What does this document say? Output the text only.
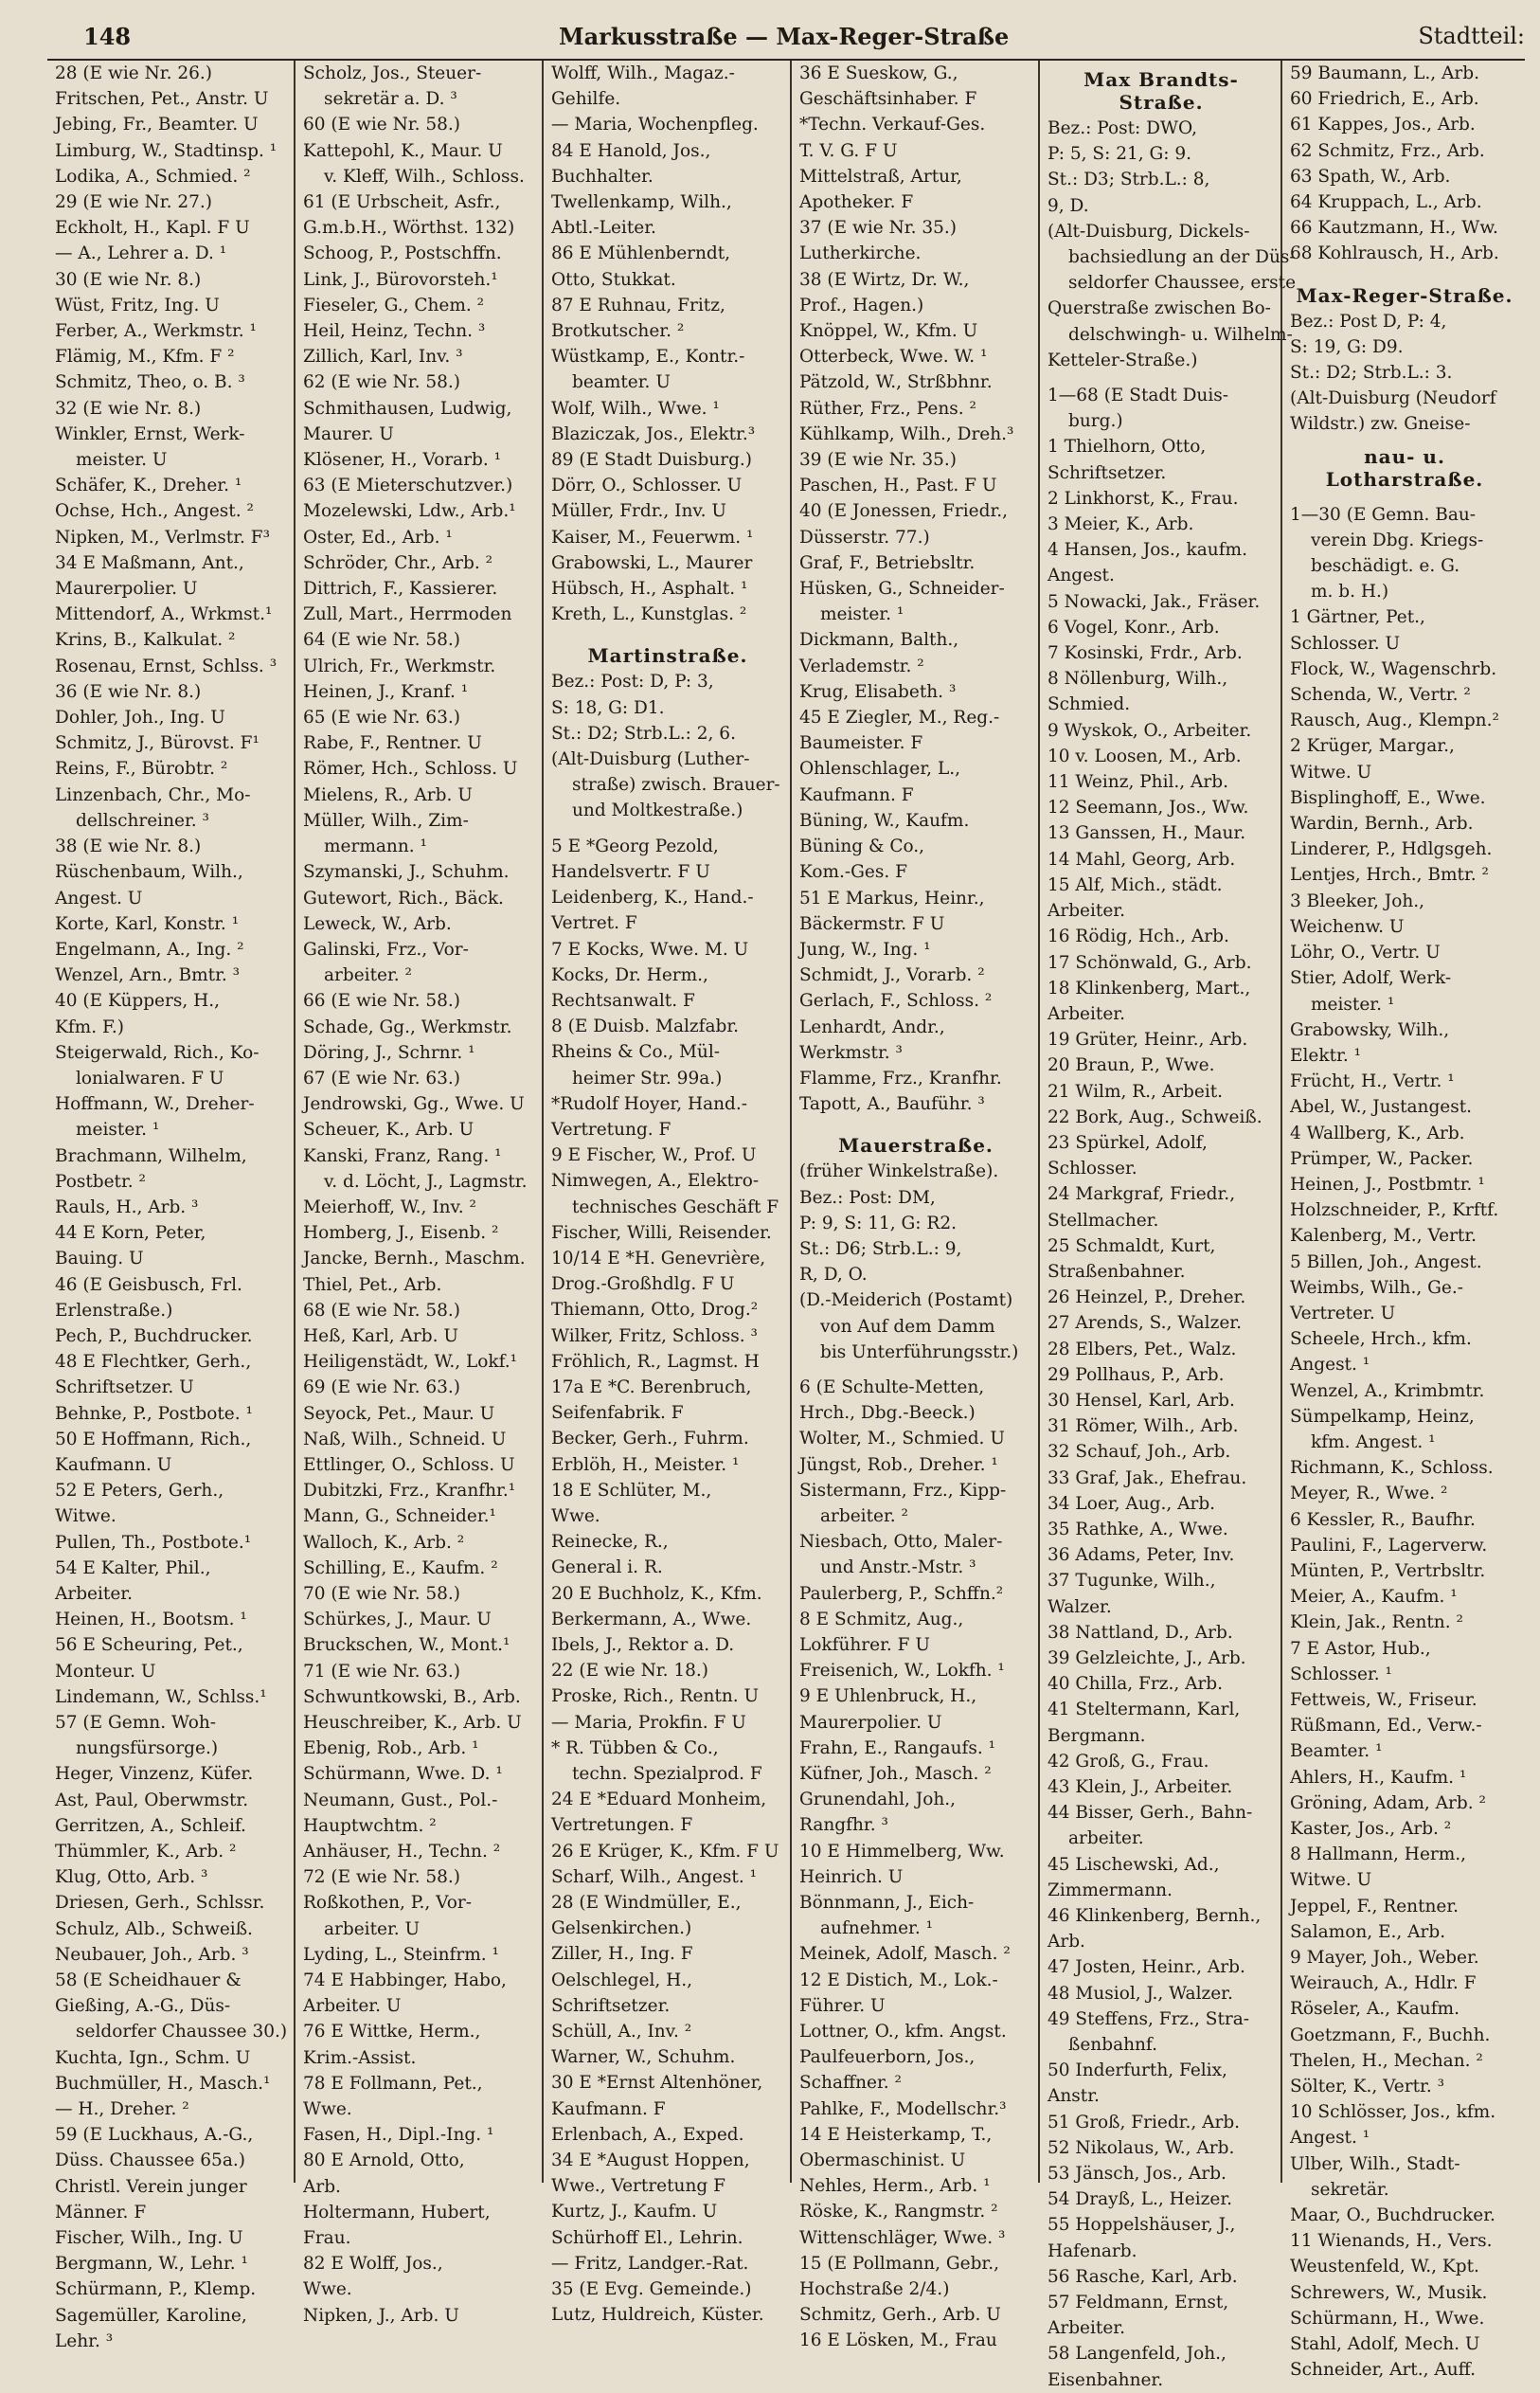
148	Markusstraße — Max-Reger-Straße	Stadtteil:
28 (E wie Nr. 26.)
Fritschen, Pet., Anstr. U
Jebing, Fr., Beamter. U
Limburg, W., Stadtinsp. ¹
Lodika, A., Schmied. ²
29 (E wie Nr. 27.)
Eckholt, H., Kapl. F U
— A., Lehrer a. D. ¹
30 (E wie Nr. 8.)
Wüst, Fritz, Ing. U
Ferber, A., Werkmstr. ¹
Flämig, M., Kfm. F ²
Schmitz, Theo, o. B. ³
32 (E wie Nr. 8.)
Winkler, Ernst, Werk-
meister. U
Schäfer, K., Dreher. ¹
Ochse, Hch., Angest. ²
Nipken, M., Verlmstr. F³
34 E Maßmann, Ant.,
Maurerpolier. U
Mittendorf, A., Wrkmst.¹
Krins, B., Kalkulat. ²
Rosenau, Ernst, Schlss. ³
36 (E wie Nr. 8.)
Dohler, Joh., Ing. U
Schmitz, J., Bürovst. F¹
Reins, F., Bürobtr. ²
Linzenbach, Chr., Mo-
dellschreiner. ³
38 (E wie Nr. 8.)
Rüschenbaum, Wilh.,
Angest. U
Korte, Karl, Konstr. ¹
Engelmann, A., Ing. ²
Wenzel, Arn., Bmtr. ³
40 (E Küppers, H.,
Kfm. F.)
Steigerwald, Rich., Ko-
lonialwaren. F U
Hoffmann, W., Dreher-
meister. ¹
Brachmann, Wilhelm,
Postbetr. ²
Rauls, H., Arb. ³
44 E Korn, Peter,
Bauing. U
46 (E Geisbusch, Frl.
Erlenstraße.)
Pech, P., Buchdrucker.
48 E Flechtker, Gerh.,
Schriftsetzer. U
Behnke, P., Postbote. ¹
50 E Hoffmann, Rich.,
Kaufmann. U
52 E Peters, Gerh.,
Witwe.
Pullen, Th., Postbote.¹
54 E Kalter, Phil.,
Arbeiter.
Heinen, H., Bootsm. ¹
56 E Scheuring, Pet.,
Monteur. U
Lindemann, W., Schlss.¹
57 (E Gemn. Woh-
nungsfürsorge.)
Heger, Vinzenz, Küfer.
Ast, Paul, Oberwmstr.
Gerritzen, A., Schleif.
Thümmler, K., Arb. ²
Klug, Otto, Arb. ³
Driesen, Gerh., Schlssr.
Schulz, Alb., Schweiß.
Neubauer, Joh., Arb. ³
58 (E Scheidhauer &
Gießing, A.-G., Düs-
seldorfer Chaussee 30.)
Kuchta, Ign., Schm. U
Buchmüller, H., Masch.¹
— H., Dreher. ²
59 (E Luckhaus, A.-G.,
Düss. Chaussee 65a.)
Christl. Verein junger
Männer. F
Fischer, Wilh., Ing. U
Bergmann, W., Lehr. ¹
Schürmann, P., Klemp.
Sagemüller, Karoline,
Lehr. ³
Scholz, Jos., Steuer-
sekretär a. D. ³
60 (E wie Nr. 58.)
Kattepohl, K., Maur. U
v. Kleff, Wilh., Schloss.
61 (E Urbscheit, Asfr.,
G.m.b.H., Wörthst. 132)
Schoog, P., Postschffn.
Link, J., Bürovorsteh.¹
Fieseler, G., Chem. ²
Heil, Heinz, Techn. ³
Zillich, Karl, Inv. ³
62 (E wie Nr. 58.)
Schmithausen, Ludwig,
Maurer. U
Klösener, H., Vorarb. ¹
63 (E Mieterschutzver.)
Mozelewski, Ldw., Arb.¹
Oster, Ed., Arb. ¹
Schröder, Chr., Arb. ²
Dittrich, F., Kassierer.
Zull, Mart., Herrmoden
64 (E wie Nr. 58.)
Ulrich, Fr., Werkmstr.
Heinen, J., Kranf. ¹
65 (E wie Nr. 63.)
Rabe, F., Rentner. U
Römer, Hch., Schloss. U
Mielens, R., Arb. U
Müller, Wilh., Zim-
mermann. ¹
Szymanski, J., Schuhm.
Gutewort, Rich., Bäck.
Leweck, W., Arb.
Galinski, Frz., Vor-
arbeiter. ²
66 (E wie Nr. 58.)
Schade, Gg., Werkmstr.
Döring, J., Schrnr. ¹
67 (E wie Nr. 63.)
Jendrowski, Gg., Wwe. U
Scheuer, K., Arb. U
Kanski, Franz, Rang. ¹
v. d. Löcht, J., Lagmstr.
Meierhoff, W., Inv. ²
Homberg, J., Eisenb. ²
Jancke, Bernh., Maschm.
Thiel, Pet., Arb.
68 (E wie Nr. 58.)
Heß, Karl, Arb. U
Heiligenstädt, W., Lokf.¹
69 (E wie Nr. 63.)
Seyock, Pet., Maur. U
Naß, Wilh., Schneid. U
Ettlinger, O., Schloss. U
Dubitzki, Frz., Kranfhr.¹
Mann, G., Schneider.¹
Walloch, K., Arb. ²
Schilling, E., Kaufm. ²
70 (E wie Nr. 58.)
Schürkes, J., Maur. U
Bruckschen, W., Mont.¹
71 (E wie Nr. 63.)
Schwuntkowski, B., Arb.
Heuschreiber, K., Arb. U
Ebenig, Rob., Arb. ¹
Schürmann, Wwe. D. ¹
Neumann, Gust., Pol.-
Hauptwchtm. ²
Anhäuser, H., Techn. ²
72 (E wie Nr. 58.)
Roßkothen, P., Vor-
arbeiter. U
Lyding, L., Steinfrm. ¹
74 E Habbinger, Habo,
Arbeiter. U
76 E Wittke, Herm.,
Krim.-Assist.
78 E Follmann, Pet.,
Wwe.
Fasen, H., Dipl.-Ing. ¹
80 E Arnold, Otto,
Arb.
Holtermann, Hubert,
Frau.
82 E Wolff, Jos.,
Wwe.
Nipken, J., Arb. U
Wolff, Wilh., Magaz.-
Gehilfe.
— Maria, Wochenpfleg.
84 E Hanold, Jos.,
Buchhalter.
Twellenkamp, Wilh.,
Abtl.-Leiter.
86 E Mühlenberndt,
Otto, Stukkat.
87 E Ruhnau, Fritz,
Brotkutscher. ²
Wüstkamp, E., Kontr.-
beamter. U
Wolf, Wilh., Wwe. ¹
Blaziczak, Jos., Elektr.³
89 (E Stadt Duisburg.)
Dörr, O., Schlosser. U
Müller, Frdr., Inv. U
Kaiser, M., Feuerwm. ¹
Grabowski, L., Maurer
Hübsch, H., Asphalt. ¹
Kreth, L., Kunstglas. ²
Martinstraße.
Bez.: Post: D, P: 3,
S: 18, G: D1.
St.: D2; Strb.L.: 2, 6.
(Alt-Duisburg (Luther-
straße) zwisch. Brauer-
und Moltkestraße.)
5 E *Georg Pezold,
Handelsvertr. F U
Leidenberg, K., Hand.-
Vertret. F
7 E Kocks, Wwe. M. U
Kocks, Dr. Herm.,
Rechtsanwalt. F
8 (E Duisb. Malzfabr.
Rheins & Co., Mül-
heimer Str. 99a.)
*Rudolf Hoyer, Hand.-
Vertretung. F
9 E Fischer, W., Prof. U
Nimwegen, A., Elektro-
technisches Geschäft F
Fischer, Willi, Reisender.
10/14 E *H. Genevrière,
Drog.-Großhdlg. F U
Thiemann, Otto, Drog.²
Wilker, Fritz, Schloss. ³
Fröhlich, R., Lagmst. H
17a E *C. Berenbruch,
Seifenfabrik. F
Becker, Gerh., Fuhrm.
Erblöh, H., Meister. ¹
18 E Schlüter, M.,
Wwe.
Reinecke, R.,
General i. R.
20 E Buchholz, K., Kfm.
Berkermann, A., Wwe.
Ibels, J., Rektor a. D.
22 (E wie Nr. 18.)
Proske, Rich., Rentn. U
— Maria, Prokfin. F U
* R. Tübben & Co.,
techn. Spezialprod. F
24 E *Eduard Monheim,
Vertretungen. F
26 E Krüger, K., Kfm. F U
Scharf, Wilh., Angest. ¹
28 (E Windmüller, E.,
Gelsenkirchen.)
Ziller, H., Ing. F
Oelschlegel, H.,
Schriftsetzer.
Schüll, A., Inv. ²
Warner, W., Schuhm.
30 E *Ernst Altenhöner,
Kaufmann. F
Erlenbach, A., Exped.
34 E *August Hoppen,
Wwe., Vertretung F
Kurtz, J., Kaufm. U
Schürhoff El., Lehrin.
— Fritz, Landger.-Rat.
35 (E Evg. Gemeinde.)
Lutz, Huldreich, Küster.
36 E Sueskow, G.,
Geschäftsinhaber. F
*Techn. Verkauf-Ges.
T. V. G. F U
Mittelstraß, Artur,
Apotheker. F
37 (E wie Nr. 35.)
Lutherkirche.
38 (E Wirtz, Dr. W.,
Prof., Hagen.)
Knöppel, W., Kfm. U
Otterbeck, Wwe. W. ¹
Pätzold, W., Strßbhnr.
Rüther, Frz., Pens. ²
Kühlkamp, Wilh., Dreh.³
39 (E wie Nr. 35.)
Paschen, H., Past. F U
40 (E Jonessen, Friedr.,
Düsserstr. 77.)
Graf, F., Betriebsltr.
Hüsken, G., Schneider-
meister. ¹
Dickmann, Balth.,
Verlademstr. ²
Krug, Elisabeth. ³
45 E Ziegler, M., Reg.-
Baumeister. F
Ohlenschlager, L.,
Kaufmann. F
Büning, W., Kaufm.
Büning & Co.,
Kom.-Ges. F
51 E Markus, Heinr.,
Bäckermstr. F U
Jung, W., Ing. ¹
Schmidt, J., Vorarb. ²
Gerlach, F., Schloss. ²
Lenhardt, Andr.,
Werkmstr. ³
Flamme, Frz., Kranfhr.
Tapott, A., Bauführ. ³
Mauerstraße.
(früher Winkelstraße).
Bez.: Post: DM,
P: 9, S: 11, G: R2.
St.: D6; Strb.L.: 9,
R, D, O.
(D.-Meiderich (Postamt)
von Auf dem Damm
bis Unterführungsstr.)
6 (E Schulte-Metten,
Hrch., Dbg.-Beeck.)
Wolter, M., Schmied. U
Jüngst, Rob., Dreher. ¹
Sistermann, Frz., Kipp-
arbeiter. ²
Niesbach, Otto, Maler-
und Anstr.-Mstr. ³
Paulerberg, P., Schffn.²
8 E Schmitz, Aug.,
Lokführer. F U
Freisenich, W., Lokfh. ¹
9 E Uhlenbruck, H.,
Maurerpolier. U
Frahn, E., Rangaufs. ¹
Küfner, Joh., Masch. ²
Grunendahl, Joh.,
Rangfhr. ³
10 E Himmelberg, Ww.
Heinrich. U
Bönnmann, J., Eich-
aufnehmer. ¹
Meinek, Adolf, Masch. ²
12 E Distich, M., Lok.-
Führer. U
Lottner, O., kfm. Angst.
Paulfeuerborn, Jos.,
Schaffner. ²
Pahlke, F., Modellschr.³
14 E Heisterkamp, T.,
Obermaschinist. U
Nehles, Herm., Arb. ¹
Röske, K., Rangmstr. ²
Wittenschläger, Wwe. ³
15 (E Pollmann, Gebr.,
Hochstraße 2/4.)
Schmitz, Gerh., Arb. U
16 E Lösken, M., Frau
Max Brandts-Straße.
Bez.: Post: DWO,
P: 5, S: 21, G: 9.
St.: D3; Strb.L.: 8,
9, D.
(Alt-Duisburg, Dickels-
bachsiedlung an der Düs-
seldorfer Chaussee, erste
Querstraße zwischen Bo-
delschwingh- u. Wilhelm-
Ketteler-Straße.)
1—68 (E Stadt Duis-
burg.)
1 Thielhorn, Otto,
Schriftsetzer.
2 Linkhorst, K., Frau.
3 Meier, K., Arb.
4 Hansen, Jos., kaufm.
Angest.
5 Nowacki, Jak., Fräser.
6 Vogel, Konr., Arb.
7 Kosinski, Frdr., Arb.
8 Nöllenburg, Wilh.,
Schmied.
9 Wyskok, O., Arbeiter.
10 v. Loosen, M., Arb.
11 Weinz, Phil., Arb.
12 Seemann, Jos., Ww.
13 Ganssen, H., Maur.
14 Mahl, Georg, Arb.
15 Alf, Mich., städt.
Arbeiter.
16 Rödig, Hch., Arb.
17 Schönwald, G., Arb.
18 Klinkenberg, Mart.,
Arbeiter.
19 Grüter, Heinr., Arb.
20 Braun, P., Wwe.
21 Wilm, R., Arbeit.
22 Bork, Aug., Schweiß.
23 Spürkel, Adolf,
Schlosser.
24 Markgraf, Friedr.,
Stellmacher.
25 Schmaldt, Kurt,
Straßenbahner.
26 Heinzel, P., Dreher.
27 Arends, S., Walzer.
28 Elbers, Pet., Walz.
29 Pollhaus, P., Arb.
30 Hensel, Karl, Arb.
31 Römer, Wilh., Arb.
32 Schauf, Joh., Arb.
33 Graf, Jak., Ehefrau.
34 Loer, Aug., Arb.
35 Rathke, A., Wwe.
36 Adams, Peter, Inv.
37 Tugunke, Wilh.,
Walzer.
38 Nattland, D., Arb.
39 Gelzleichte, J., Arb.
40 Chilla, Frz., Arb.
41 Steltermann, Karl,
Bergmann.
42 Groß, G., Frau.
43 Klein, J., Arbeiter.
44 Bisser, Gerh., Bahn-
arbeiter.
45 Lischewski, Ad.,
Zimmermann.
46 Klinkenberg, Bernh.,
Arb.
47 Josten, Heinr., Arb.
48 Musiol, J., Walzer.
49 Steffens, Frz., Stra-
ßenbahnf.
50 Inderfurth, Felix,
Anstr.
51 Groß, Friedr., Arb.
52 Nikolaus, W., Arb.
53 Jänsch, Jos., Arb.
54 Drayß, L., Heizer.
55 Hoppelshäuser, J.,
Hafenarb.
56 Rasche, Karl, Arb.
57 Feldmann, Ernst,
Arbeiter.
58 Langenfeld, Joh.,
Eisenbahner.
59 Baumann, L., Arb.
60 Friedrich, E., Arb.
61 Kappes, Jos., Arb.
62 Schmitz, Frz., Arb.
63 Spath, W., Arb.
64 Kruppach, L., Arb.
66 Kautzmann, H., Ww.
68 Kohlrausch, H., Arb.
Max-Reger-Straße.
Bez.: Post D, P: 4,
S: 19, G: D9.
St.: D2; Strb.L.: 3.
(Alt-Duisburg (Neudorf
Wildstr.) zw. Gneise-
nau- u. Lotharstraße.
1—30 (E Gemn. Bau-
verein Dbg. Kriegs-
beschädigt. e. G.
m. b. H.)
1 Gärtner, Pet.,
Schlosser. U
Flock, W., Wagenschrb.
Schenda, W., Vertr. ²
Rausch, Aug., Klempn.²
2 Krüger, Margar.,
Witwe. U
Bisplinghoff, E., Wwe.
Wardin, Bernh., Arb.
Linderer, P., Hdlgsgeh.
Lentjes, Hrch., Bmtr. ²
3 Bleeker, Joh.,
Weichenw. U
Löhr, O., Vertr. U
Stier, Adolf, Werk-
meister. ¹
Grabowsky, Wilh.,
Elektr. ¹
Frücht, H., Vertr. ¹
Abel, W., Justangest.
4 Wallberg, K., Arb.
Prümper, W., Packer.
Heinen, J., Postbmtr. ¹
Holzschneider, P., Krftf.
Kalenberg, M., Vertr.
5 Billen, Joh., Angest.
Weimbs, Wilh., Ge.-
Vertreter. U
Scheele, Hrch., kfm.
Angest. ¹
Wenzel, A., Krimbmtr.
Sümpelkamp, Heinz,
kfm. Angest. ¹
Richmann, K., Schloss.
Meyer, R., Wwe. ²
6 Kessler, R., Baufhr.
Paulini, F., Lagerverw.
Münten, P., Vertrbsltr.
Meier, A., Kaufm. ¹
Klein, Jak., Rentn. ²
7 E Astor, Hub.,
Schlosser. ¹
Fettweis, W., Friseur.
Rüßmann, Ed., Verw.-
Beamter. ¹
Ahlers, H., Kaufm. ¹
Gröning, Adam, Arb. ²
Kaster, Jos., Arb. ²
8 Hallmann, Herm.,
Witwe. U
Jeppel, F., Rentner.
Salamon, E., Arb.
9 Mayer, Joh., Weber.
Weirauch, A., Hdlr. F
Röseler, A., Kaufm.
Goetzmann, F., Buchh.
Thelen, H., Mechan. ²
Sölter, K., Vertr. ³
10 Schlösser, Jos., kfm.
Angest. ¹
Ulber, Wilh., Stadt-
sekretär.
Maar, O., Buchdrucker.
11 Wienands, H., Vers.
Weustenfeld, W., Kpt.
Schrewers, W., Musik.
Schürmann, H., Wwe.
Stahl, Adolf, Mech. U
Schneider, Art., Auff.
